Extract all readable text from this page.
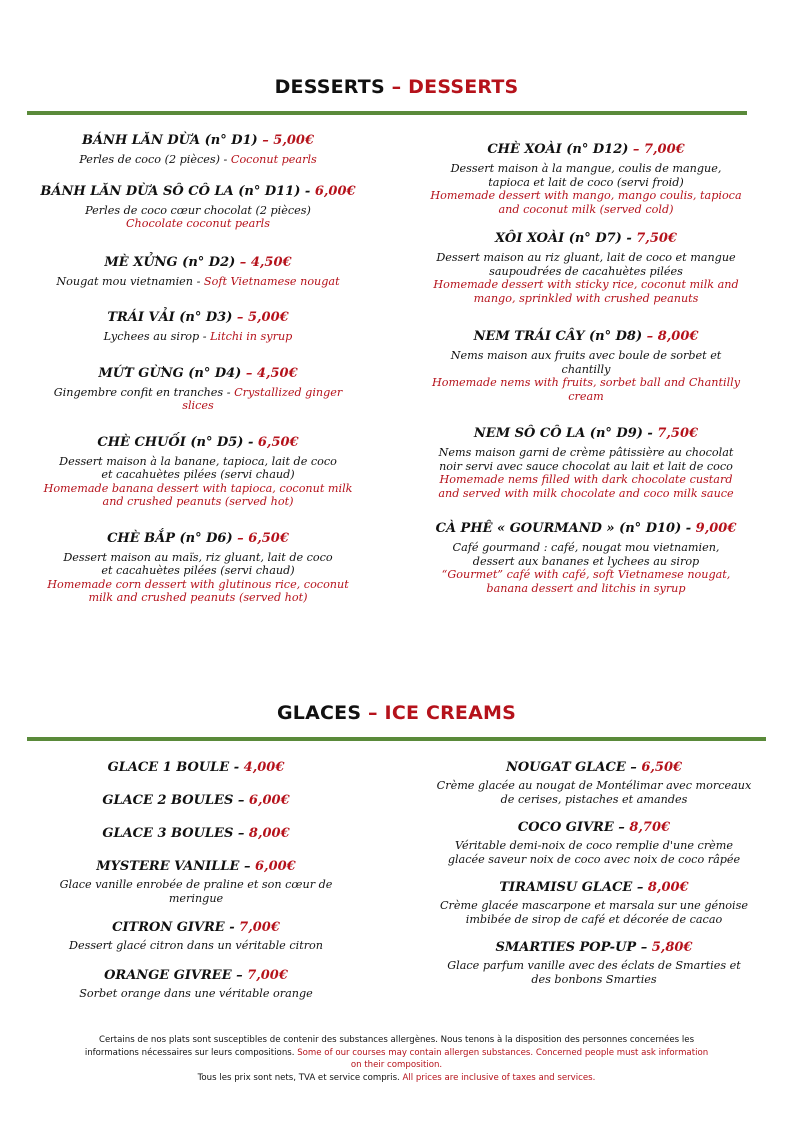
DESSERTS – DESSERTS
BÁNH LĂN DỪA (n° D1) – 5,00€
Perles de coco (2 pièces) - Coconut pearls
BÁNH LĂN DỪA SÔ CÔ LA (n° D11) - 6,00€
Perles de coco cœur chocolat (2 pièces)
Chocolate coconut pearls
MÈ XỬNG (n° D2) – 4,50€
Nougat mou vietnamien - Soft Vietnamese nougat
TRÁI VẢI (n° D3) – 5,00€
Lychees au sirop - Litchi in syrup
MỨT GỪNG (n° D4) – 4,50€
Gingembre confit en tranches - Crystallized ginger slices
CHÈ CHUỐI (n° D5) - 6,50€
Dessert maison à la banane, tapioca, lait de coco et cacahuètes pilées (servi chaud)
Homemade banana dessert with tapioca, coconut milk and crushed peanuts (served hot)
CHÈ BẮP (n° D6) – 6,50€
Dessert maison au maïs, riz gluant, lait de coco et cacahuètes pilées (servi chaud)
Homemade corn dessert with glutinous rice, coconut milk and crushed peanuts (served hot)
CHÈ XOÀI (n° D12) – 7,00€
Dessert maison à la mangue, coulis de mangue, tapioca et lait de coco (servi froid)
Homemade dessert with mango, mango coulis, tapioca and coconut milk (served cold)
XÔI XOÀI (n° D7) - 7,50€
Dessert maison au riz gluant, lait de coco et mangue saupoudrées de cacahuètes pilées
Homemade dessert with sticky rice, coconut milk and mango, sprinkled with crushed peanuts
NEM TRÁI CÂY (n° D8) – 8,00€
Nems maison aux fruits avec boule de sorbet et chantilly
Homemade nems with fruits, sorbet ball and Chantilly cream
NEM SÔ CÔ LA (n° D9) - 7,50€
Nems maison garni de crème pâtissière au chocolat noir servi avec sauce chocolat au lait et lait de coco
Homemade nems filled with dark chocolate custard and served with milk chocolate and coco milk sauce
CÀ PHÊ « GOURMAND » (n° D10) - 9,00€
Café gourmand : café, nougat mou vietnamien, dessert aux bananes et lychees au sirop
“Gourmet” café with café, soft Vietnamese nougat, banana dessert and litchis in syrup
GLACES – ICE CREAMS
GLACE 1 BOULE - 4,00€
GLACE 2 BOULES – 6,00€
GLACE 3 BOULES – 8,00€
MYSTERE VANILLE – 6,00€
Glace vanille enrobée de praline et son cœur de meringue
CITRON GIVRE - 7,00€
Dessert glacé citron dans un véritable citron
ORANGE GIVREE – 7,00€
Sorbet orange dans une véritable orange
NOUGAT GLACE – 6,50€
Crème glacée au nougat de Montélimar avec morceaux de cerises, pistaches et amandes
COCO GIVRE – 8,70€
Véritable demi-noix de coco remplie d'une crème glacée saveur noix de coco avec noix de coco râpée
TIRAMISU GLACE – 8,00€
Crème glacée mascarpone et marsala sur une génoise imbibée de sirop de café et décorée de cacao
SMARTIES POP-UP – 5,80€
Glace parfum vanille avec des éclats de Smarties et des bonbons Smarties
Certains de nos plats sont susceptibles de contenir des substances allergènes. Nous tenons à la disposition des personnes concernées les informations nécessaires sur leurs compositions. Some of our courses may contain allergen substances. Concerned people must ask information on their composition.
Tous les prix sont nets, TVA et service compris. All prices are inclusive of taxes and services.
